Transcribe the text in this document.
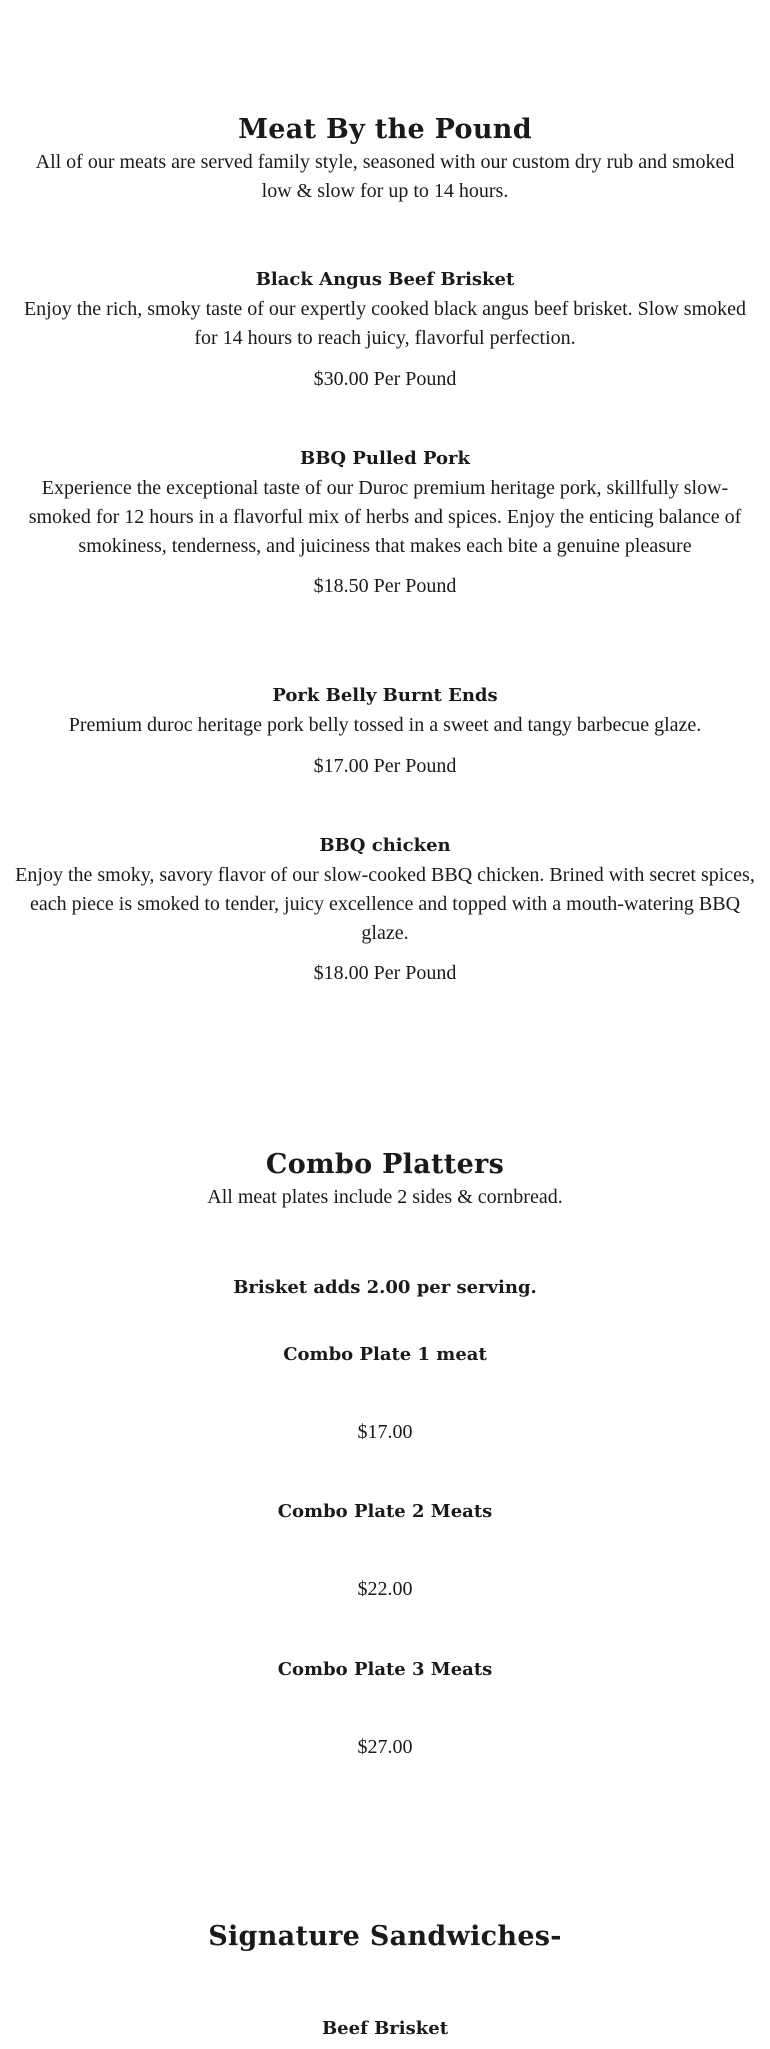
Meat By the Pound

All of our meats are served family style, seasoned with our custom dry rub and smoked low & slow for up to 14 hours.

Black Angus Beef Brisket

Enjoy the rich, smoky taste of our expertly cooked black angus beef brisket. Slow smoked for 14 hours to reach juicy, flavorful perfection.

$30.00 Per Pound

BBQ Pulled Pork

Experience the exceptional taste of our Duroc premium heritage pork, skillfully slow-smoked for 12 hours in a flavorful mix of herbs and spices. Enjoy the enticing balance of smokiness, tenderness, and juiciness that makes each bite a genuine pleasure

$18.50 Per Pound

Pork Belly Burnt Ends

Premium duroc heritage pork belly tossed in a sweet and tangy barbecue glaze.

$17.00 Per Pound

BBQ chicken

Enjoy the smoky, savory flavor of our slow-cooked BBQ chicken. Brined with secret spices, each piece is smoked to tender, juicy excellence and topped with a mouth-watering BBQ glaze.

$18.00 Per Pound

Combo Platters

All meat plates include 2 sides & cornbread.

Brisket adds 2.00 per serving.
Combo Plate 1 meat
$17.00
Combo Plate 2 Meats
$22.00
Combo Plate 3 Meats
$27.00
Signature Sandwiches-
Beef Brisket
